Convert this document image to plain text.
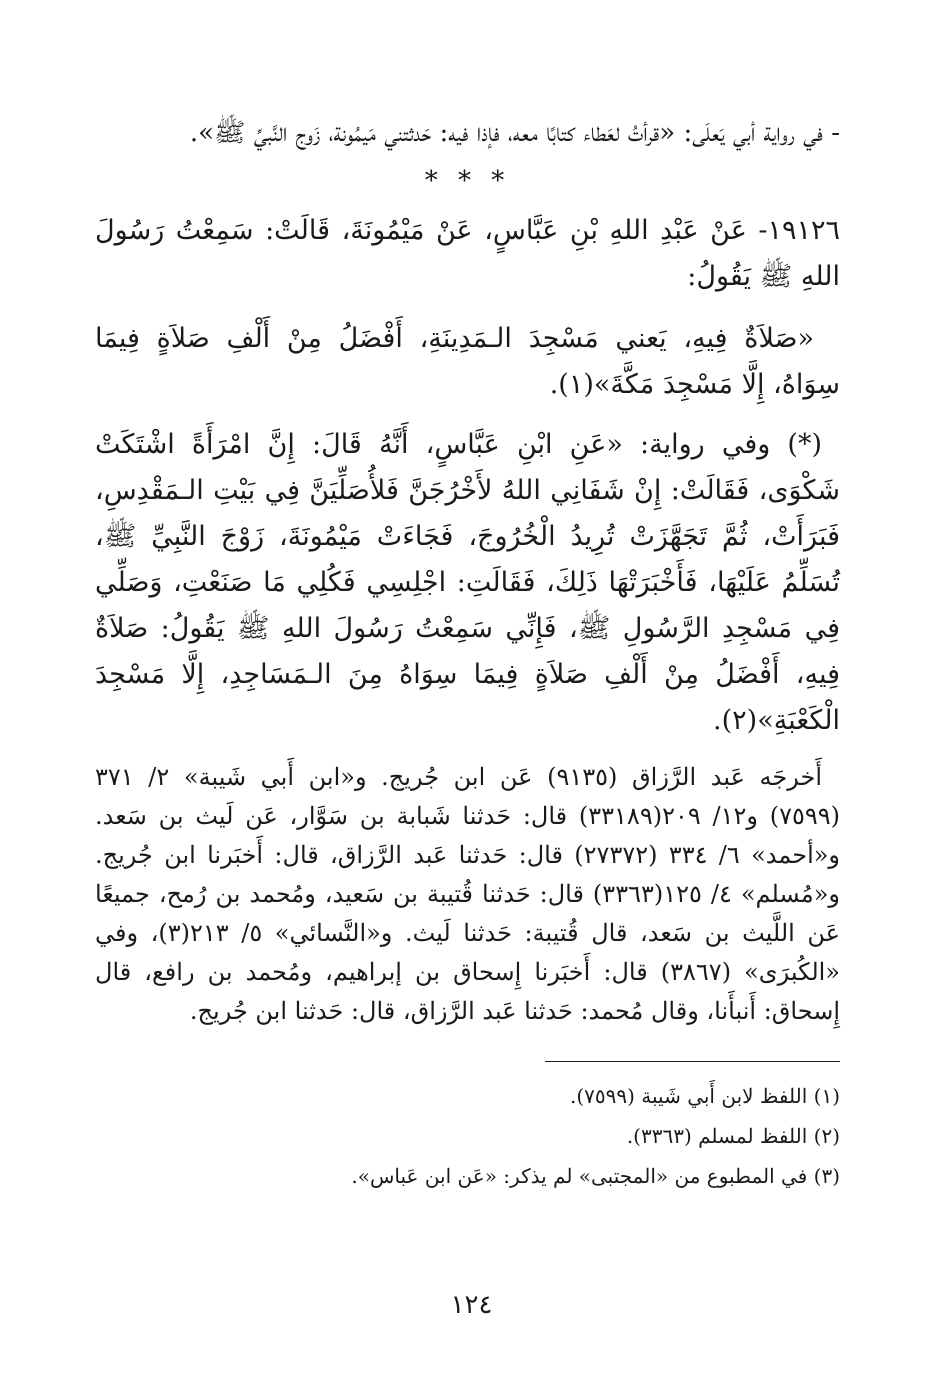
- في رواية أبي يَعلَى: «قرأتُ لعَطاء كتابًا معه، فإذا فيه: حَدثتني مَيمُونة، زَوج النَّبيِّ ﷺ».

* * *

١٩١٢٦- عَنْ عَبْدِ اللهِ بْنِ عَبَّاسٍ، عَنْ مَيْمُونَةَ، قَالَتْ: سَمِعْتُ رَسُولَ اللهِ ﷺ يَقُولُ:

«صَلاَةٌ فِيهِ، يَعني مَسْجِدَ الـمَدِينَةِ، أَفْضَلُ مِنْ أَلْفِ صَلاَةٍ فِيمَا سِوَاهُ، إِلَّا مَسْجِدَ مَكَّةَ»(١).

(*) وفي رواية: «عَنِ ابْنِ عَبَّاسٍ، أَنَّهُ قَالَ: إِنَّ امْرَأَةً اشْتَكَتْ شَكْوَى، فَقَالَتْ: إِنْ شَفَانِي اللهُ لأَخْرُجَنَّ فَلأُصَلِّيَنَّ فِي بَيْتِ الـمَقْدِسِ، فَبَرَأَتْ، ثُمَّ تَجَهَّزَتْ تُرِيدُ الْخُرُوجَ، فَجَاءَتْ مَيْمُونَةَ، زَوْجَ النَّبِيِّ ﷺ، تُسَلِّمُ عَلَيْهَا، فَأَخْبَرَتْهَا ذَلِكَ، فَقَالَتِ: اجْلِسِي فَكُلِي مَا صَنَعْتِ، وَصَلِّي فِي مَسْجِدِ الرَّسُولِ ﷺ، فَإِنِّي سَمِعْتُ رَسُولَ اللهِ ﷺ يَقُولُ: صَلاَةٌ فِيهِ، أَفْضَلُ مِنْ أَلْفِ صَلاَةٍ فِيمَا سِوَاهُ مِنَ الـمَسَاجِدِ، إِلَّا مَسْجِدَ الْكَعْبَةِ»(٢).

أَخرجَه عَبد الرَّزاق (٩١٣٥) عَن ابن جُريج. و«ابن أَبي شَيبة» ٢/ ٣٧١ (٧٥٩٩) و١٢/ ٢٠٩(٣٣١٨٩) قال: حَدثنا شَبابة بن سَوَّار، عَن لَيث بن سَعد. و«أحمد» ٦/ ٣٣٤ (٢٧٣٧٢) قال: حَدثنا عَبد الرَّزاق، قال: أَخبَرنا ابن جُريج. و«مُسلم» ٤/ ١٢٥(٣٣٦٣) قال: حَدثنا قُتيبة بن سَعيد، ومُحمد بن رُمح، جميعًا عَن اللَّيث بن سَعد، قال قُتيبة: حَدثنا لَيث. و«النَّسائي» ٥/ ٢١٣(٣)، وفي «الكُبرَى» (٣٨٦٧) قال: أَخبَرنا إِسحاق بن إبراهيم، ومُحمد بن رافع، قال إِسحاق: أَنبأَنا، وقال مُحمد: حَدثنا عَبد الرَّزاق، قال: حَدثنا ابن جُريج.

(١) اللفظ لابن أَبي شَيبة (٧٥٩٩).

(٢) اللفظ لمسلم (٣٣٦٣).

(٣) في المطبوع من «المجتبى» لم يذكر: «عَن ابن عَباس».

١٢٤
